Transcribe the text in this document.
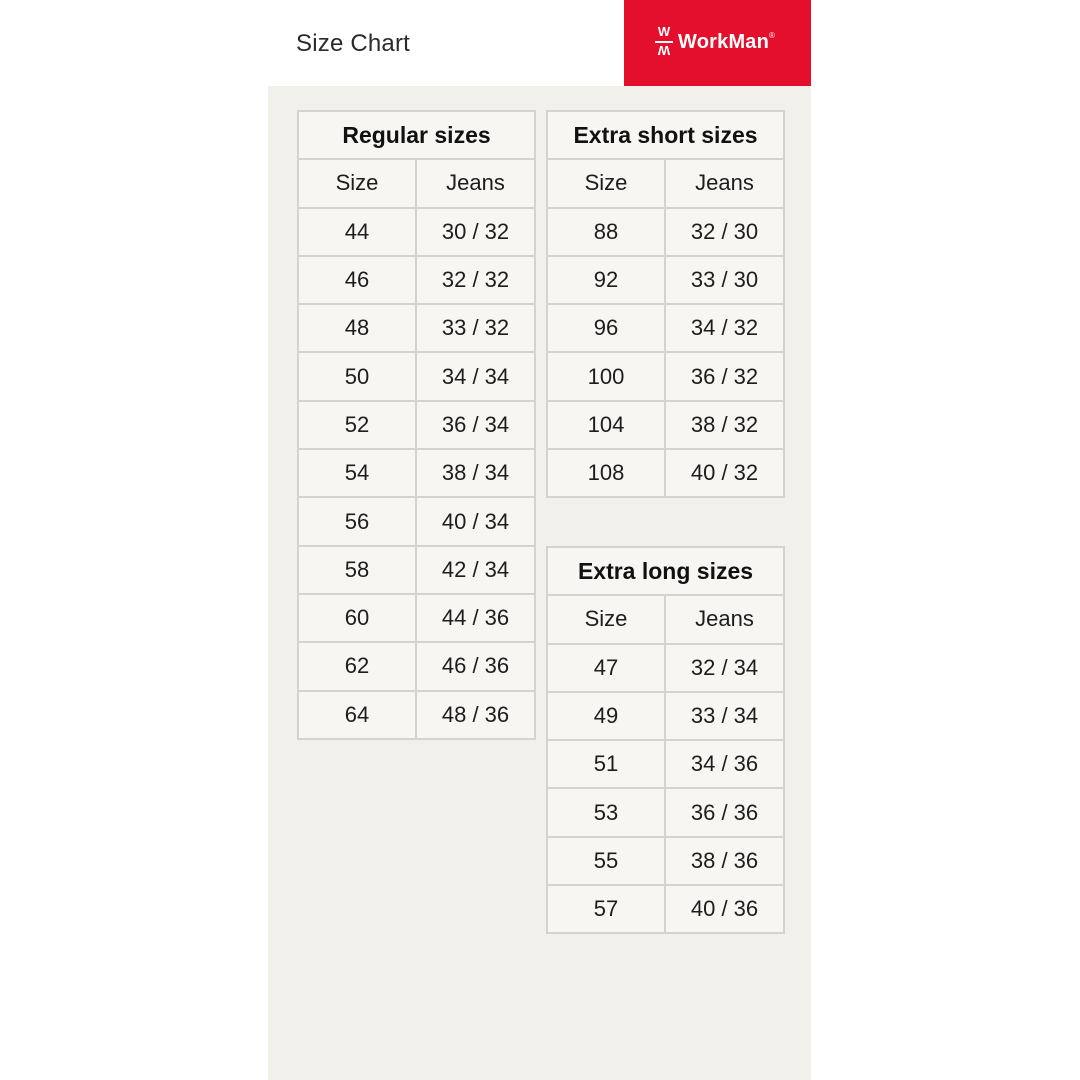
Size Chart	W
W WorkMan®
Regular sizes	
Size	Jeans
44	30 / 32
46	32 / 32
48	33 / 32
50	34 / 34
52	36 / 34
54	38 / 34
56	40 / 34
58	42 / 34
60	44 / 36
62	46 / 36
64	48 / 36
Extra short sizes	
Size	Jeans
88	32 / 30
92	33 / 30
96	34 / 32
100	36 / 32
104	38 / 32
108	40 / 32
Extra long sizes	
Size	Jeans
47	32 / 34
49	33 / 34
51	34 / 36
53	36 / 36
55	38 / 36
57	40 / 36
